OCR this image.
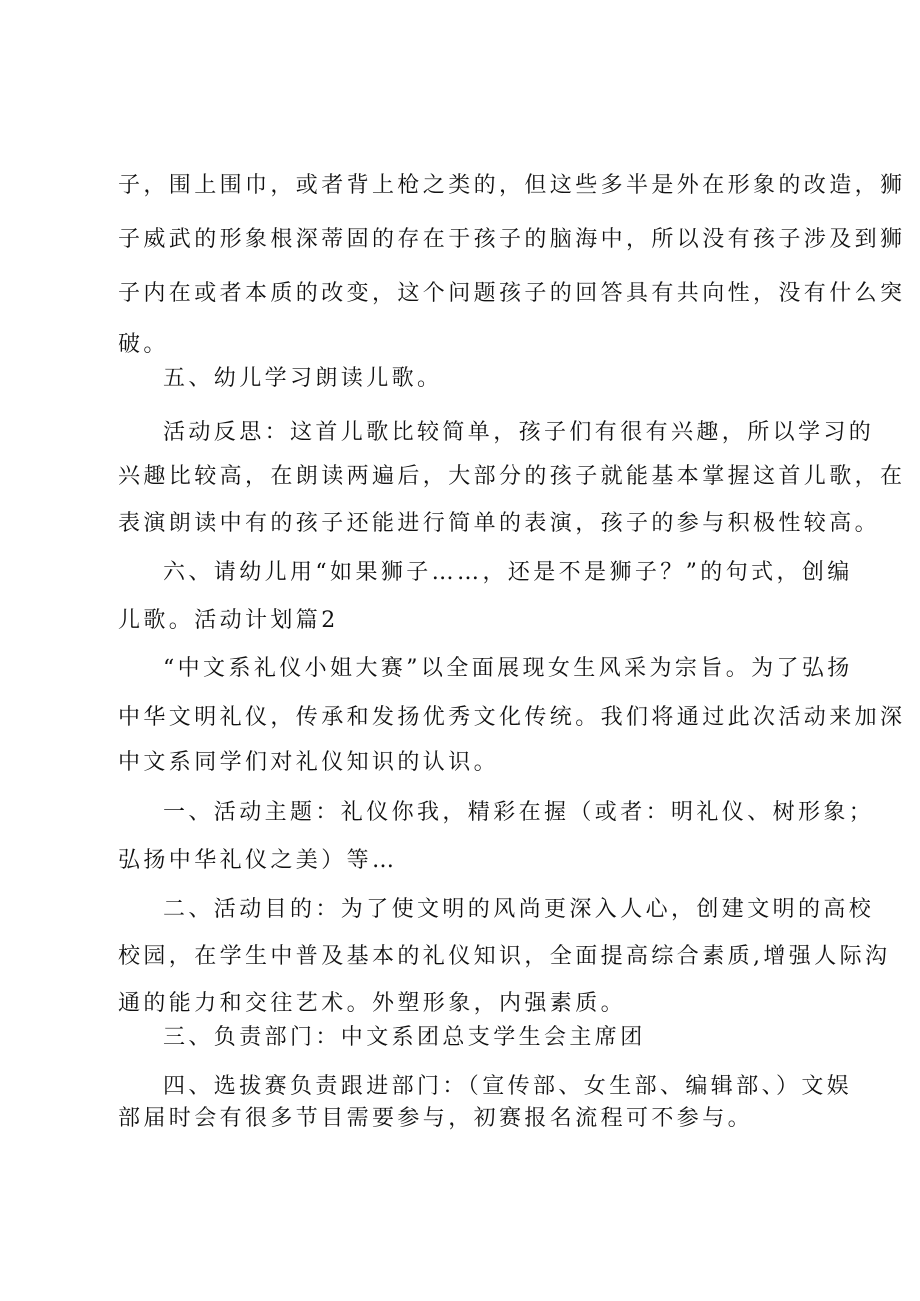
子，围上围巾，或者背上枪之类的，但这些多半是外在形象的改造，狮
子威武的形象根深蒂固的存在于孩子的脑海中，所以没有孩子涉及到狮
子内在或者本质的改变，这个问题孩子的回答具有共向性，没有什么突
破。
五、幼儿学习朗读儿歌。
活动反思：这首儿歌比较简单，孩子们有很有兴趣，所以学习的
兴趣比较高，在朗读两遍后，大部分的孩子就能基本掌握这首儿歌，在
表演朗读中有的孩子还能进行简单的表演，孩子的参与积极性较高。
六、请幼儿用“如果狮子……，还是不是狮子？”的句式，创编
儿歌。活动计划篇2
“中文系礼仪小姐大赛”以全面展现女生风采为宗旨。为了弘扬
中华文明礼仪，传承和发扬优秀文化传统。我们将通过此次活动来加深
中文系同学们对礼仪知识的认识。
一、活动主题：礼仪你我，精彩在握（或者：明礼仪、树形象；
弘扬中华礼仪之美）等…
二、活动目的：为了使文明的风尚更深入人心，创建文明的高校
校园，在学生中普及基本的礼仪知识，全面提高综合素质,增强人际沟
通的能力和交往艺术。外塑形象，内强素质。
三、负责部门：中文系团总支学生会主席团
四、选拔赛负责跟进部门：（宣传部、女生部、编辑部、）文娱
部届时会有很多节目需要参与，初赛报名流程可不参与。
